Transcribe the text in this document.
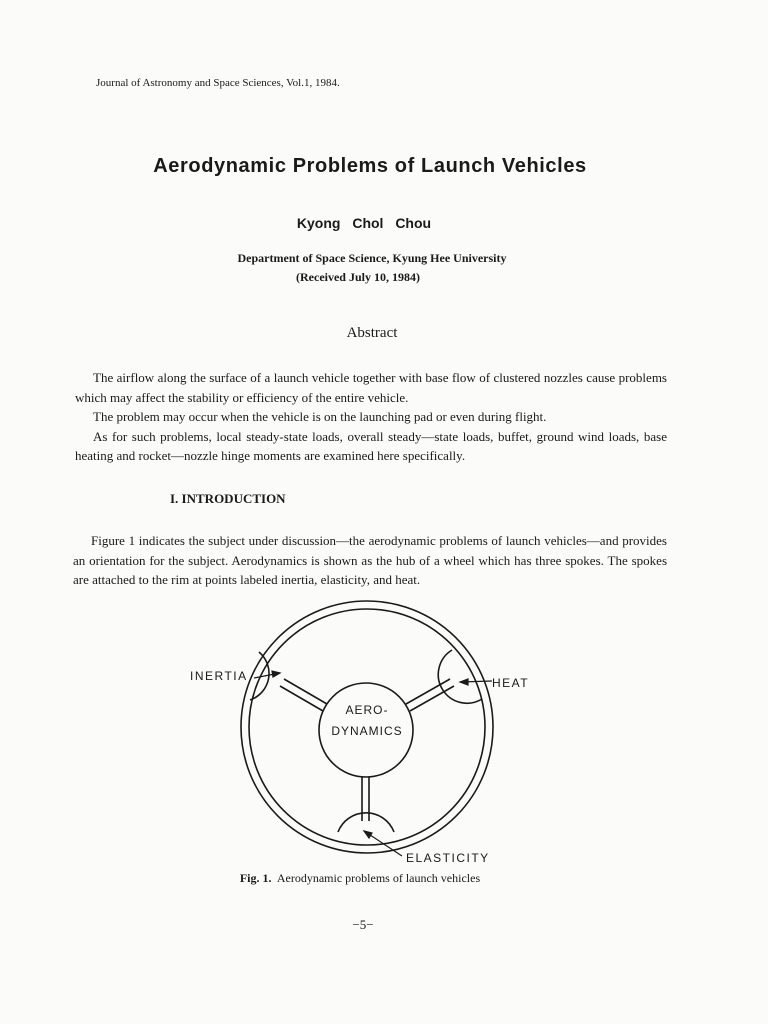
Journal of Astronomy and Space Sciences, Vol.1, 1984.
Aerodynamic Problems of Launch Vehicles
Kyong Chol Chou
Department of Space Science, Kyung Hee University
(Received July 10, 1984)
Abstract

The airflow along the surface of a launch vehicle together with base flow of clustered nozzles cause problems which may affect the stability or efficiency of the entire vehicle.

The problem may occur when the vehicle is on the launching pad or even during flight.

As for such problems, local steady-state loads, overall steady—state loads, buffet, ground wind loads, base heating and rocket—nozzle hinge moments are examined here specifically.

I. INTRODUCTION
Figure 1 indicates the subject under discussion—the aerodynamic problems of launch vehicles—and provides an orientation for the subject. Aerodynamics is shown as the hub of a wheel which has three spokes. The spokes are attached to the rim at points labeled inertia, elasticity, and heat.
INERTIA	HEAT
ELASTICITY
AERO-
DYNAMICS
Fig. 1. Aerodynamic problems of launch vehicles
−5−
